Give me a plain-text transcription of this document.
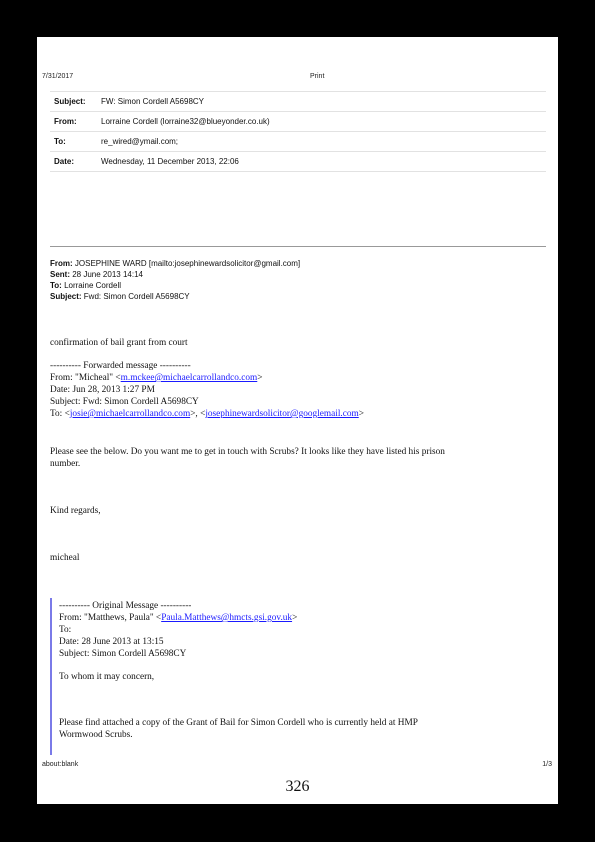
7/31/2017	Print
Subject:	FW: Simon Cordell A5698CY
From:	Lorraine Cordell (lorraine32@blueyonder.co.uk)
To:	re_wired@ymail.com;
Date:	Wednesday, 11 December 2013, 22:06
From: JOSEPHINE WARD [mailto:josephinewardsolicitor@gmail.com]
Sent: 28 June 2013 14:14
To: Lorraine Cordell
Subject: Fwd: Simon Cordell A5698CY
confirmation of bail grant from court
---------- Forwarded message ----------
From: "Micheal" <m.mckee@michaelcarrollandco.com>
Date: Jun 28, 2013 1:27 PM
Subject: Fwd: Simon Cordell A5698CY
To: <josie@michaelcarrollandco.com>, <josephinewardsolicitor@googlemail.com>
Please see the below. Do you want me to get in touch with Scrubs? It looks like they have listed his prison
number.
Kind regards,
micheal
---------- Original Message ----------
From: "Matthews, Paula" <Paula.Matthews@hmcts.gsi.gov.uk>
To:
Date: 28 June 2013 at 13:15
Subject: Simon Cordell A5698CY
To whom it may concern,
Please find attached a copy of the Grant of Bail for Simon Cordell who is currently held at HMP
Wormwood Scrubs.
about:blank	1/3
326
